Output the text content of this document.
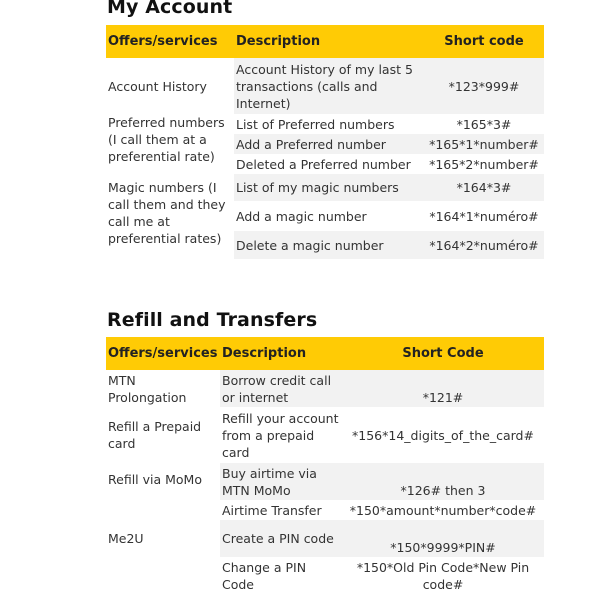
My Account
Offers/services	Description	Short code
Account History	Account History of my last 5 transactions (calls and Internet)	*123*999#
Preferred numbers (I call them at a preferential rate)	List of Preferred numbers	*165*3#
	Add a Preferred number	*165*1*number#
	Deleted a Preferred number	*165*2*number#
Magic numbers (I call them and they call me at preferential rates)	List of my magic numbers	*164*3#
	Add a magic number	*164*1*numéro#
	Delete a magic number	*164*2*numéro#
Refill and Transfers
Offers/services	Description	Short Code
MTN Prolongation	Borrow credit call or internet	*121#
Refill a Prepaid card	Refill your account from a prepaid card	*156*14_digits_of_the_card#
Refill via MoMo	Buy airtime via MTN MoMo	*126# then 3
	Airtime Transfer	*150*amount*number*code#
Me2U	Create a PIN code	*150*9999*PIN#
	Change a PIN Code	*150*Old Pin Code*New Pin code#
